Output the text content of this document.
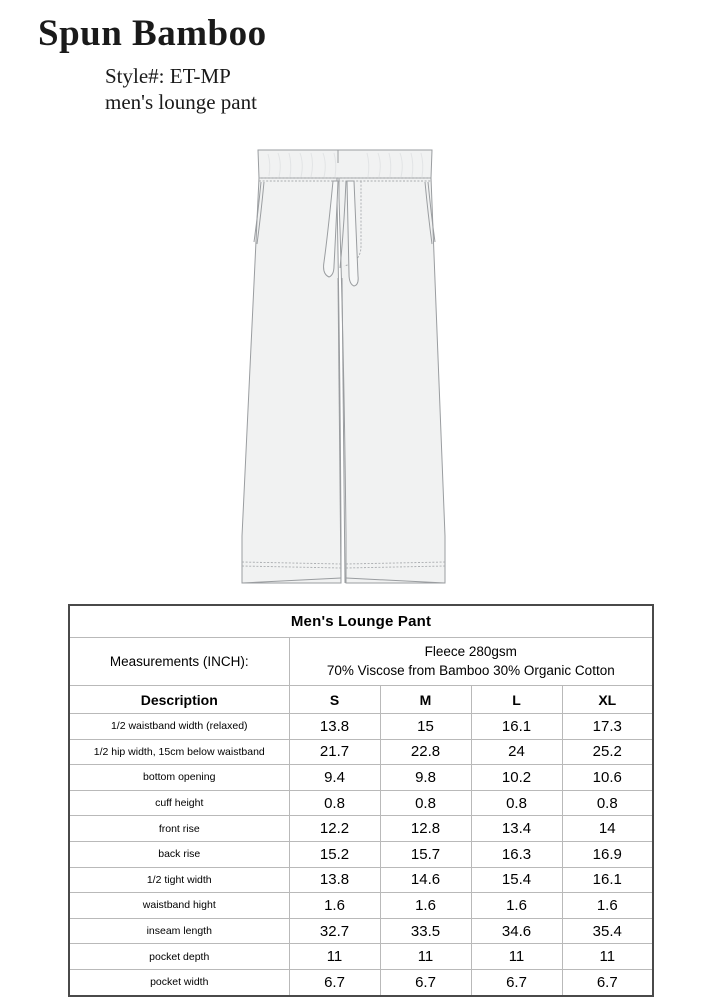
Spun Bamboo

Style#: ET-MP

men's lounge pant

Men's Lounge Pant				
Measurements (INCH):	Fleece 280gsm
70% Viscose from Bamboo 30% Organic Cotton			

Description	S	M	L	XL
1/2 waistband width (relaxed)	13.8	15	16.1	17.3
1/2 hip width, 15cm below waistband	21.7	22.8	24	25.2
bottom opening	9.4	9.8	10.2	10.6
cuff height	0.8	0.8	0.8	0.8
front rise	12.2	12.8	13.4	14
back rise	15.2	15.7	16.3	16.9
1/2 tight width	13.8	14.6	15.4	16.1
waistband hight	1.6	1.6	1.6	1.6
inseam length	32.7	33.5	34.6	35.4
pocket depth	11	11	11	11
pocket width	6.7	6.7	6.7	6.7
